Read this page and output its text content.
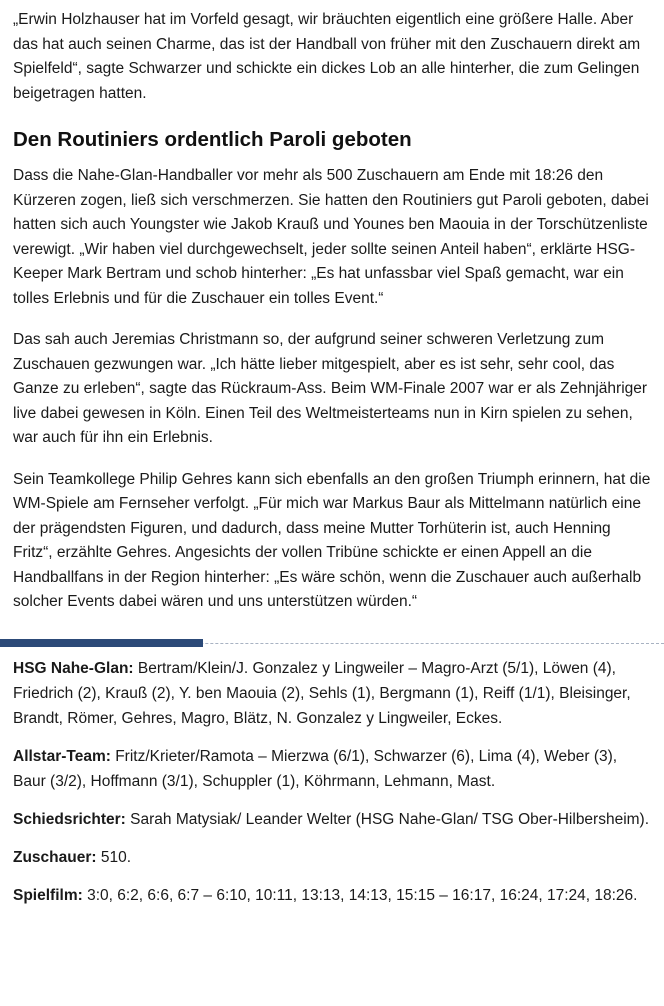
„Erwin Holzhauser hat im Vorfeld gesagt, wir bräuchten eigentlich eine größere Halle. Aber das hat auch seinen Charme, das ist der Handball von früher mit den Zuschauern direkt am Spielfeld“, sagte Schwarzer und schickte ein dickes Lob an alle hinterher, die zum Gelingen beigetragen hatten.

Den Routiniers ordentlich Paroli geboten

Dass die Nahe-Glan-Handballer vor mehr als 500 Zuschauern am Ende mit 18:26 den Kürzeren zogen, ließ sich verschmerzen. Sie hatten den Routiniers gut Paroli geboten, dabei hatten sich auch Youngster wie Jakob Krauß und Younes ben Maouia in der Torschützenliste verewigt. „Wir haben viel durchgewechselt, jeder sollte seinen Anteil haben“, erklärte HSG-Keeper Mark Bertram und schob hinterher: „Es hat unfassbar viel Spaß gemacht, war ein tolles Erlebnis und für die Zuschauer ein tolles Event.“

Das sah auch Jeremias Christmann so, der aufgrund seiner schweren Verletzung zum Zuschauen gezwungen war. „Ich hätte lieber mitgespielt, aber es ist sehr, sehr cool, das Ganze zu erleben“, sagte das Rückraum-Ass. Beim WM-Finale 2007 war er als Zehnjähriger live dabei gewesen in Köln. Einen Teil des Weltmeisterteams nun in Kirn spielen zu sehen, war auch für ihn ein Erlebnis.

Sein Teamkollege Philip Gehres kann sich ebenfalls an den großen Triumph erinnern, hat die WM-Spiele am Fernseher verfolgt. „Für mich war Markus Baur als Mittelmann natürlich eine der prägendsten Figuren, und dadurch, dass meine Mutter Torhüterin ist, auch Henning Fritz“, erzählte Gehres. Angesichts der vollen Tribüne schickte er einen Appell an die Handballfans in der Region hinterher: „Es wäre schön, wenn die Zuschauer auch außerhalb solcher Events dabei wären und uns unterstützen würden.“

HSG Nahe-Glan: Bertram/Klein/J. Gonzalez y Lingweiler – Magro-Arzt (5/1), Löwen (4), Friedrich (2), Krauß (2), Y. ben Maouia (2), Sehls (1), Bergmann (1), Reiff (1/1), Bleisinger, Brandt, Römer, Gehres, Magro, Blätz, N. Gonzalez y Lingweiler, Eckes.

Allstar-Team: Fritz/Krieter/Ramota – Mierzwa (6/1), Schwarzer (6), Lima (4), Weber (3), Baur (3/2), Hoffmann (3/1), Schuppler (1), Köhrmann, Lehmann, Mast.

Schiedsrichter: Sarah Matysiak/ Leander Welter (HSG Nahe-Glan/ TSG Ober-Hilbersheim).

Zuschauer: 510.

Spielfilm: 3:0, 6:2, 6:6, 6:7 – 6:10, 10:11, 13:13, 14:13, 15:15 – 16:17, 16:24, 17:24, 18:26.
